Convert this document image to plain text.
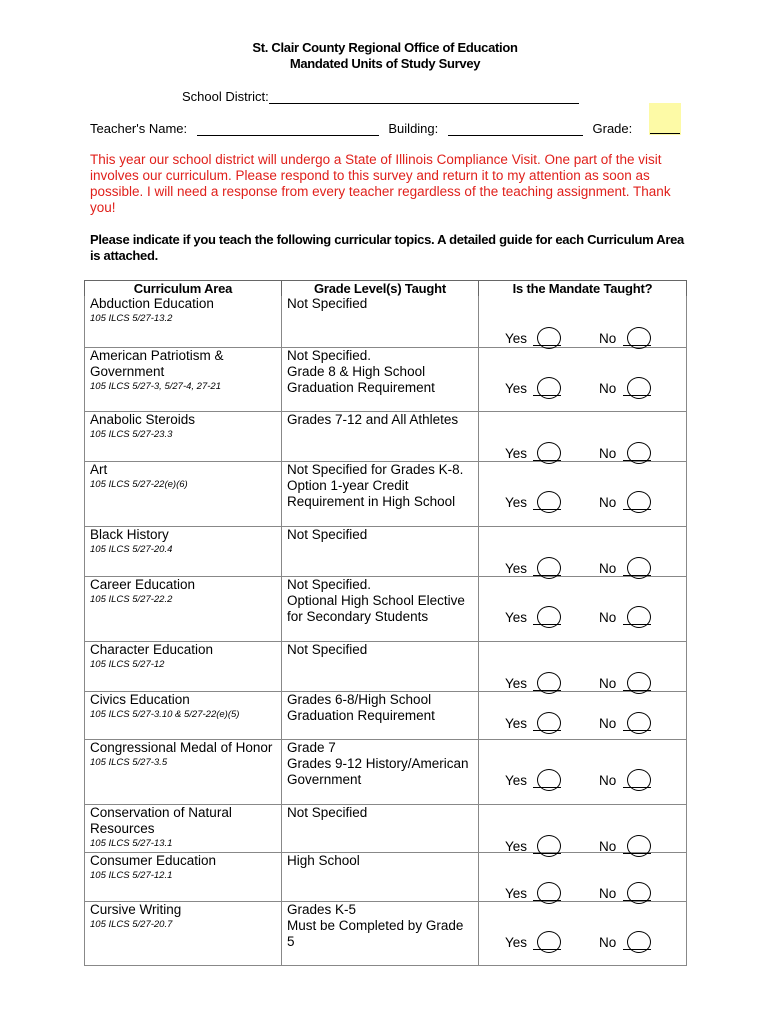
St. Clair County Regional Office of Education
Mandated Units of Study Survey
School District:
Teacher's Name:	Building:	Grade:
This year our school district will undergo a State of Illinois Compliance Visit. One part of the visit involves our curriculum. Please respond to this survey and return it to my attention as soon as possible. I will need a response from every teacher regardless of the teaching assignment. Thank you!
Please indicate if you teach the following curricular topics. A detailed guide for each Curriculum Area is attached.
Curriculum Area	Grade Level(s) Taught	Is the Mandate Taught?

Abduction Education
105 ILCS 5/27-13.2	Not Specified	Yes No

American Patriotism & Government
105 ILCS 5/27-3, 5/27-4, 27-21	Not Specified.
Grade 8 & High School Graduation Requirement	Yes No

Anabolic Steroids
105 ILCS 5/27-23.3	Grades 7-12 and All Athletes	Yes No

Art
105 ILCS 5/27-22(e)(6)	Not Specified for Grades K-8. Option 1-year Credit Requirement in High School	Yes No

Black History
105 ILCS 5/27-20.4	Not Specified	Yes No

Career Education
105 ILCS 5/27-22.2	Not Specified.
Optional High School Elective for Secondary Students	Yes No

Character Education
105 ILCS 5/27-12	Not Specified	Yes No

Civics Education
105 ILCS 5/27-3.10 & 5/27-22(e)(5)	Grades 6-8/High School Graduation Requirement	Yes No

Congressional Medal of Honor
105 ILCS 5/27-3.5	Grade 7
Grades 9-12 History/American Government	Yes No

Conservation of Natural Resources
105 ILCS 5/27-13.1	Not Specified	Yes No

Consumer Education
105 ILCS 5/27-12.1	High School	Yes No

Cursive Writing
105 ILCS 5/27-20.7	Grades K-5
Must be Completed by Grade 5	Yes No
